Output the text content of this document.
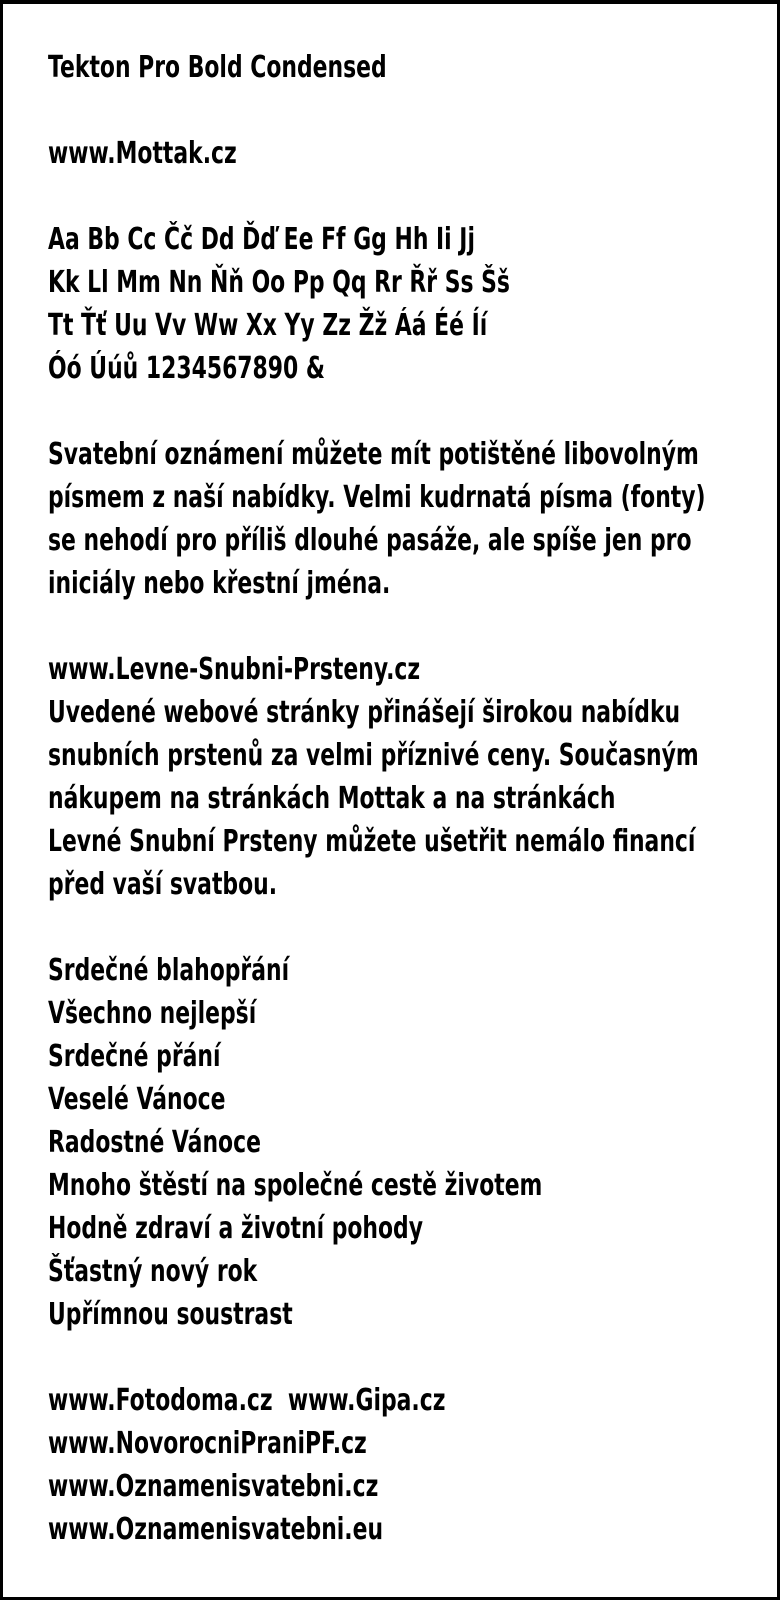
Tekton Pro Bold Condensed
www.Mottak.cz
Aa Bb Cc Čč Dd Ďď Ee Ff Gg Hh Ii Jj
Kk Ll Mm Nn Ňň Oo Pp Qq Rr Řř Ss Šš
Tt Ťť Uu Vv Ww Xx Yy Zz Žž Áá Éé Íí
Óó Úúů 1234567890 &
Svatební oznámení můžete mít potištěné libovolným
písmem z naší nabídky. Velmi kudrnatá písma (fonty)
se nehodí pro příliš dlouhé pasáže, ale spíše jen pro
iniciály nebo křestní jména.
www.Levne-Snubni-Prsteny.cz
Uvedené webové stránky přinášejí širokou nabídku
snubních prstenů za velmi příznivé ceny. Současným
nákupem na stránkách Mottak a na stránkách
Levné Snubní Prsteny můžete ušetřit nemálo financí
před vaší svatbou.
Srdečné blahopřání
Všechno nejlepší
Srdečné přání
Veselé Vánoce
Radostné Vánoce
Mnoho štěstí na společné cestě životem
Hodně zdraví a životní pohody
Šťastný nový rok
Upřímnou soustrast
www.Fotodoma.cz  www.Gipa.cz
www.NovorocniPraniPF.cz
www.Oznamenisvatebni.cz
www.Oznamenisvatebni.eu
